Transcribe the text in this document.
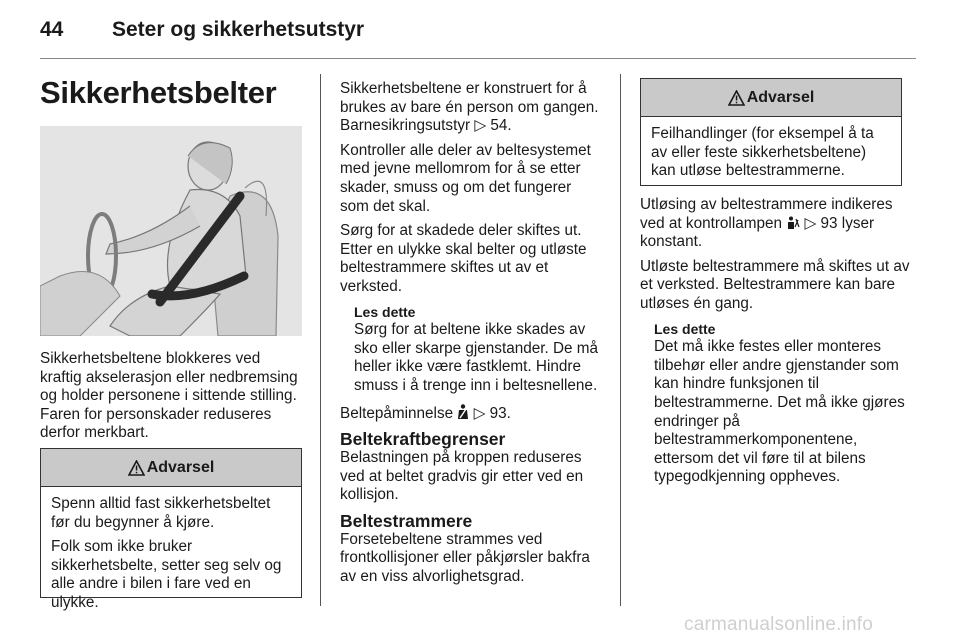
44 Seter og sikkerhetsutstyr
Sikkerhetsbelter

Sikkerhetsbeltene blokkeres ved kraftig akselerasjon eller nedbremsing og holder personene i sittende stilling. Faren for personskader reduseres derfor merkbart.

Advarsel

Spenn alltid fast sikkerhetsbeltet før du begynner å kjøre.

Folk som ikke bruker sikkerhetsbelte, setter seg selv og alle andre i bilen i fare ved en ulykke.

Sikkerhetsbeltene er konstruert for å brukes av bare én person om gangen. Barnesikringsutstyr ▷ 54.

Kontroller alle deler av beltesystemet med jevne mellomrom for å se etter skader, smuss og om det fungerer som det skal.

Sørg for at skadede deler skiftes ut. Etter en ulykke skal belter og utløste beltestrammere skiftes ut av et verksted.

Les dette
Sørg for at beltene ikke skades av sko eller skarpe gjenstander. De må heller ikke være fastklemt. Hindre smuss i å trenge inn i beltesnellene.

Beltepåminnelse  ▷ 93.

Beltekraftbegrenser

Belastningen på kroppen reduseres ved at beltet gradvis gir etter ved en kollisjon.

Beltestrammere

Forsetebeltene strammes ved frontkollisjoner eller påkjørsler bakfra av en viss alvorlighetsgrad.

Advarsel

Feilhandlinger (for eksempel å ta av eller feste sikkerhetsbeltene) kan utløse beltestrammerne.

Utløsing av beltestrammere indikeres ved at kontrollampen  ▷ 93 lyser konstant.

Utløste beltestrammere må skiftes ut av et verksted. Beltestrammere kan bare utløses én gang.

Les dette
Det må ikke festes eller monteres tilbehør eller andre gjenstander som kan hindre funksjonen til beltestrammerne. Det må ikke gjøres endringer på beltestrammerkomponentene, ettersom det vil føre til at bilens typegodkjenning oppheves.
carmanualsonline.info
